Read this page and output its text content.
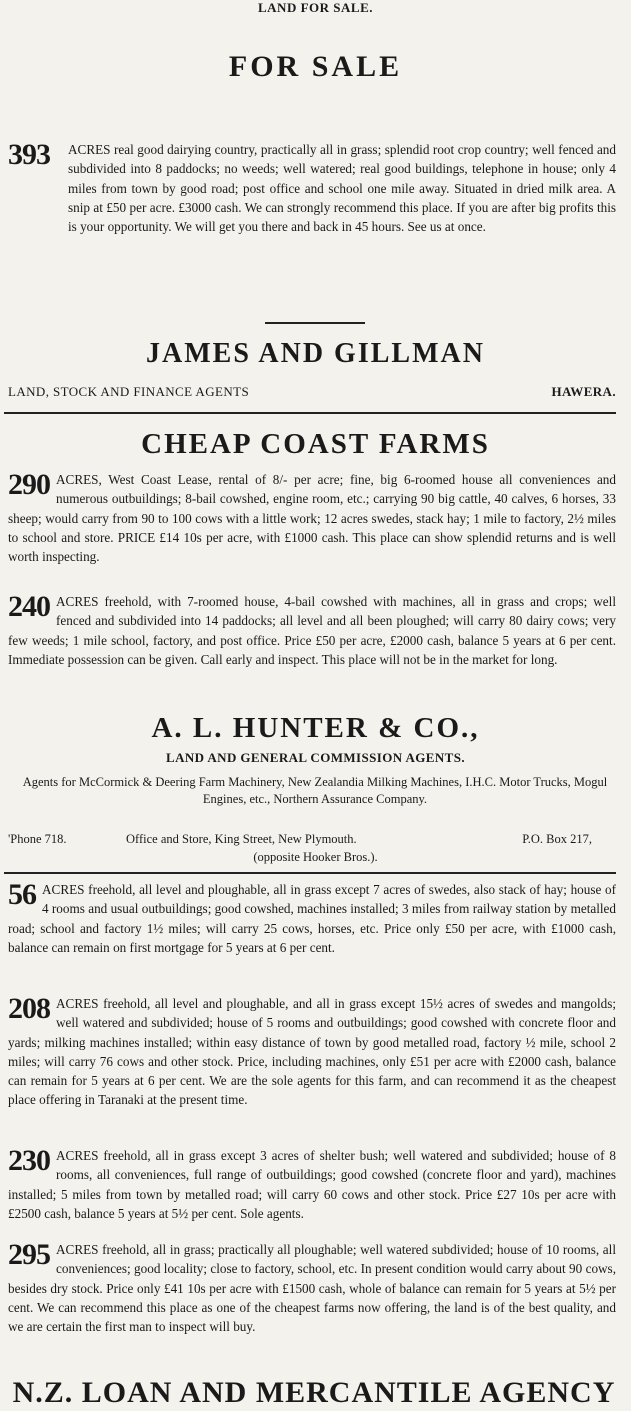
LAND FOR SALE.
FOR SALE
393	ACRES real good dairying country, practically all in grass; splendid root crop country; well fenced and subdivided into 8 paddocks; no weeds; well watered; real good buildings, telephone in house; only 4 miles from town by good road; post office and school one mile away. Situated in dried milk area. A snip at £50 per acre. £3000 cash. We can strongly recommend this place. If you are after big profits this is your opportunity. We will get you there and back in 45 hours. See us at once.

JAMES AND GILLMAN
LAND, STOCK AND FINANCE AGENTS	HAWERA.
CHEAP COAST FARMS
290 ACRES, West Coast Lease, rental of 8/- per acre; fine, big 6-roomed house all conveniences and numerous outbuildings; 8-bail cowshed, engine room, etc.; carrying 90 big cattle, 40 calves, 6 horses, 33 sheep; would carry from 90 to 100 cows with a little work; 12 acres swedes, stack hay; 1 mile to factory, 2½ miles to school and store. PRICE £14 10s per acre, with £1000 cash. This place can show splendid returns and is well worth inspecting.

240 ACRES freehold, with 7-roomed house, 4-bail cowshed with machines, all in grass and crops; well fenced and subdivided into 14 paddocks; all level and all been ploughed; will carry 80 dairy cows; very few weeds; 1 mile school, factory, and post office. Price £50 per acre, £2000 cash, balance 5 years at 6 per cent. Immediate possession can be given. Call early and inspect. This place will not be in the market for long.

A. L. HUNTER & CO.,
LAND AND GENERAL COMMISSION AGENTS.
Agents for McCormick & Deering Farm Machinery, New Zealandia Milking Machines, I.H.C. Motor Trucks, Mogul Engines, etc., Northern Assurance Company.
'Phone 718.	Office and Store, King Street, New Plymouth.	P.O. Box 217,
(opposite Hooker Bros.).
56 ACRES freehold, all level and ploughable, all in grass except 7 acres of swedes, also stack of hay; house of 4 rooms and usual outbuildings; good cowshed, machines installed; 3 miles from railway station by metalled road; school and factory 1½ miles; will carry 25 cows, horses, etc. Price only £50 per acre, with £1000 cash, balance can remain on first mortgage for 5 years at 6 per cent.

208 ACRES freehold, all level and ploughable, and all in grass except 15½ acres of swedes and mangolds; well watered and subdivided; house of 5 rooms and outbuildings; good cowshed with concrete floor and yards; milking machines installed; within easy distance of town by good metalled road, factory ½ mile, school 2 miles; will carry 76 cows and other stock. Price, including machines, only £51 per acre with £2000 cash, balance can remain for 5 years at 6 per cent. We are the sole agents for this farm, and can recommend it as the cheapest place offering in Taranaki at the present time.

230 ACRES freehold, all in grass except 3 acres of shelter bush; well watered and subdivided; house of 8 rooms, all conveniences, full range of outbuildings; good cowshed (concrete floor and yard), machines installed; 5 miles from town by metalled road; will carry 60 cows and other stock. Price £27 10s per acre with £2500 cash, balance 5 years at 5½ per cent. Sole agents.

295 ACRES freehold, all in grass; practically all ploughable; well watered subdivided; house of 10 rooms, all conveniences; good locality; close to factory, school, etc. In present condition would carry about 90 cows, besides dry stock. Price only £41 10s per acre with £1500 cash, whole of balance can remain for 5 years at 5½ per cent. We can recommend this place as one of the cheapest farms now offering, the land is of the best quality, and we are certain the first man to inspect will buy.

N.Z. LOAN AND MERCANTILE AGENCY
